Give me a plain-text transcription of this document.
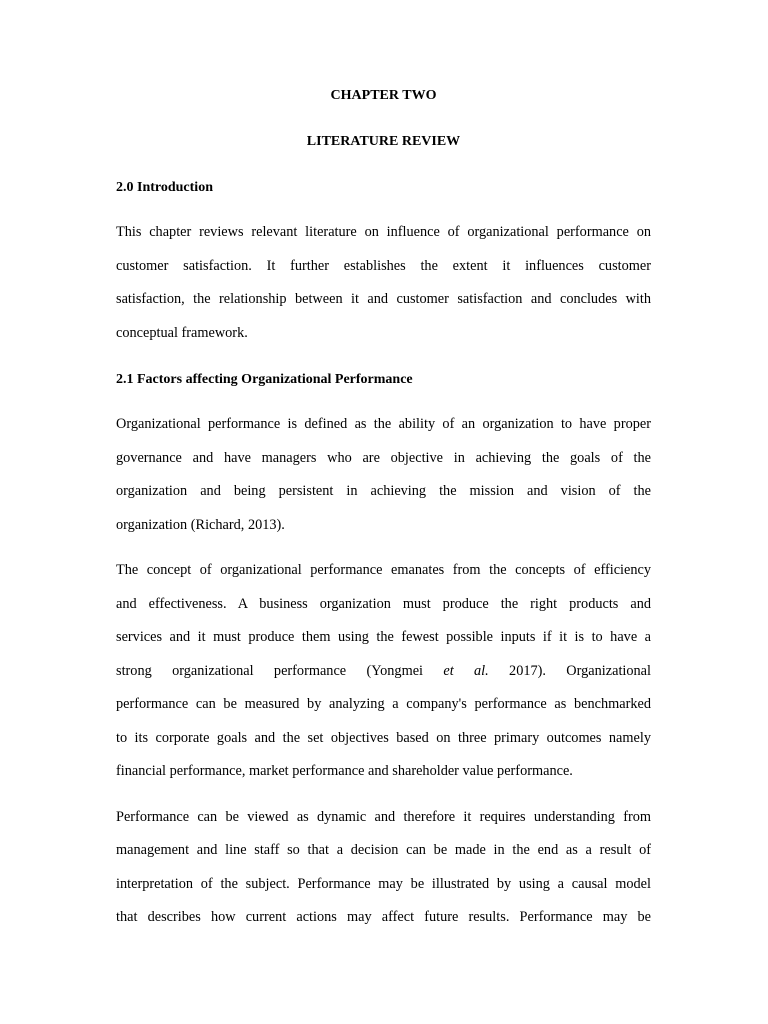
CHAPTER TWO

LITERATURE REVIEW

2.0 Introduction

This chapter reviews relevant literature on influence of organizational performance on
customer satisfaction. It further establishes the extent it influences customer
satisfaction, the relationship between it and customer satisfaction and concludes with
conceptual framework.

2.1 Factors affecting Organizational Performance

Organizational performance is defined as the ability of an organization to have proper
governance and have managers who are objective in achieving the goals of the
organization and being persistent in achieving the mission and vision of the
organization (Richard, 2013).
The concept of organizational performance emanates from the concepts of efficiency
and effectiveness. A business organization must produce the right products and
services and it must produce them using the fewest possible inputs if it is to have a
strong organizational performance (Yongmei et al. 2017). Organizational
performance can be measured by analyzing a company's performance as benchmarked
to its corporate goals and the set objectives based on three primary outcomes namely
financial performance, market performance and shareholder value performance.
Performance can be viewed as dynamic and therefore it requires understanding from
management and line staff so that a decision can be made in the end as a result of
interpretation of the subject. Performance may be illustrated by using a causal model
that describes how current actions may affect future results. Performance may be
